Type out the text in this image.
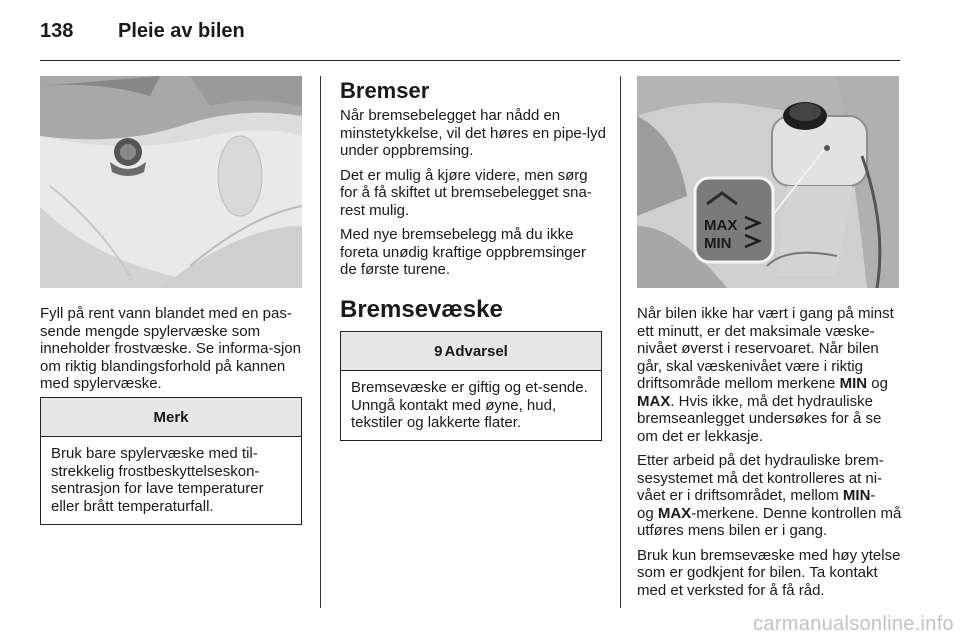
138 Pleie av bilen
Fyll på rent vann blandet med en pas-sende mengde spylervæske som inneholder frostvæske. Se informa-sjon om riktig blandingsforhold på kannen med spylervæske.
Merk
Bruk bare spylervæske med til-strekkelig frostbeskyttelseskon-sentrasjon for lave temperaturer eller brått temperaturfall.
Bremser

Når bremsebelegget har nådd en minstetykkelse, vil det høres en pipe-lyd under oppbremsing.

Det er mulig å kjøre videre, men sørg for å få skiftet ut bremsebelegget sna-rest mulig.

Med nye bremsebelegg må du ikke foreta unødig kraftige oppbremsinger de første turene.

Bremsevæske
9 Advarsel
Bremsevæske er giftig og et-sende. Unngå kontakt med øyne, hud, tekstiler og lakkerte flater.
MAX
MIN

Når bilen ikke har vært i gang på minst ett minutt, er det maksimale væske-nivået øverst i reservoaret. Når bilen går, skal væskenivået være i riktig driftsområde mellom merkene MIN og MAX. Hvis ikke, må det hydrauliske bremseanlegget undersøkes for å se om det er lekkasje.

Etter arbeid på det hydrauliske brem-sesystemet må det kontrolleres at ni-vået er i driftsområdet, mellom MIN-
og MAX-merkene. Denne kontrollen må utføres mens bilen er i gang.

Bruk kun bremsevæske med høy ytelse som er godkjent for bilen. Ta kontakt med et verksted for å få råd.

carmanualsonline.info
